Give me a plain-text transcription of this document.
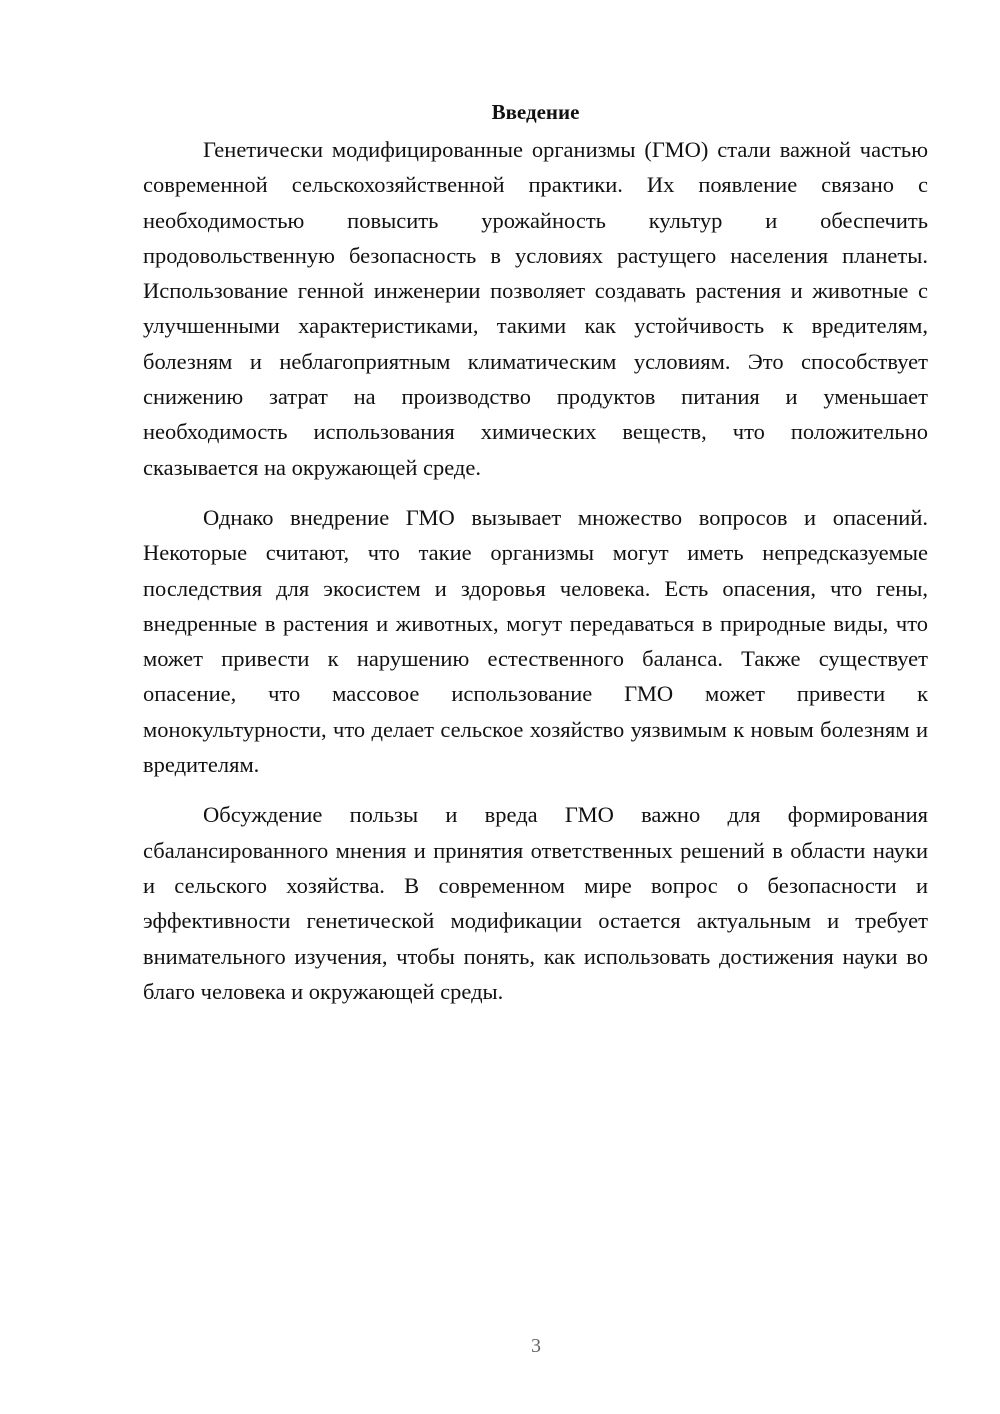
Введение

Генетически модифицированные организмы (ГМО) стали важной частью современной сельскохозяйственной практики. Их появление связано с необходимостью повысить урожайность культур и обеспечить продовольственную безопасность в условиях растущего населения планеты. Использование генной инженерии позволяет создавать растения и животные с улучшенными характеристиками, такими как устойчивость к вредителям, болезням и неблагоприятным климатическим условиям. Это способствует снижению затрат на производство продуктов питания и уменьшает необходимость использования химических веществ, что положительно сказывается на окружающей среде.

Однако внедрение ГМО вызывает множество вопросов и опасений. Некоторые считают, что такие организмы могут иметь непредсказуемые последствия для экосистем и здоровья человека. Есть опасения, что гены, внедренные в растения и животных, могут передаваться в природные виды, что может привести к нарушению естественного баланса. Также существует опасение, что массовое использование ГМО может привести к монокультурности, что делает сельское хозяйство уязвимым к новым болезням и вредителям.

Обсуждение пользы и вреда ГМО важно для формирования сбалансированного мнения и принятия ответственных решений в области науки и сельского хозяйства. В современном мире вопрос о безопасности и эффективности генетической модификации остается актуальным и требует внимательного изучения, чтобы понять, как использовать достижения науки во благо человека и окружающей среды.

3
